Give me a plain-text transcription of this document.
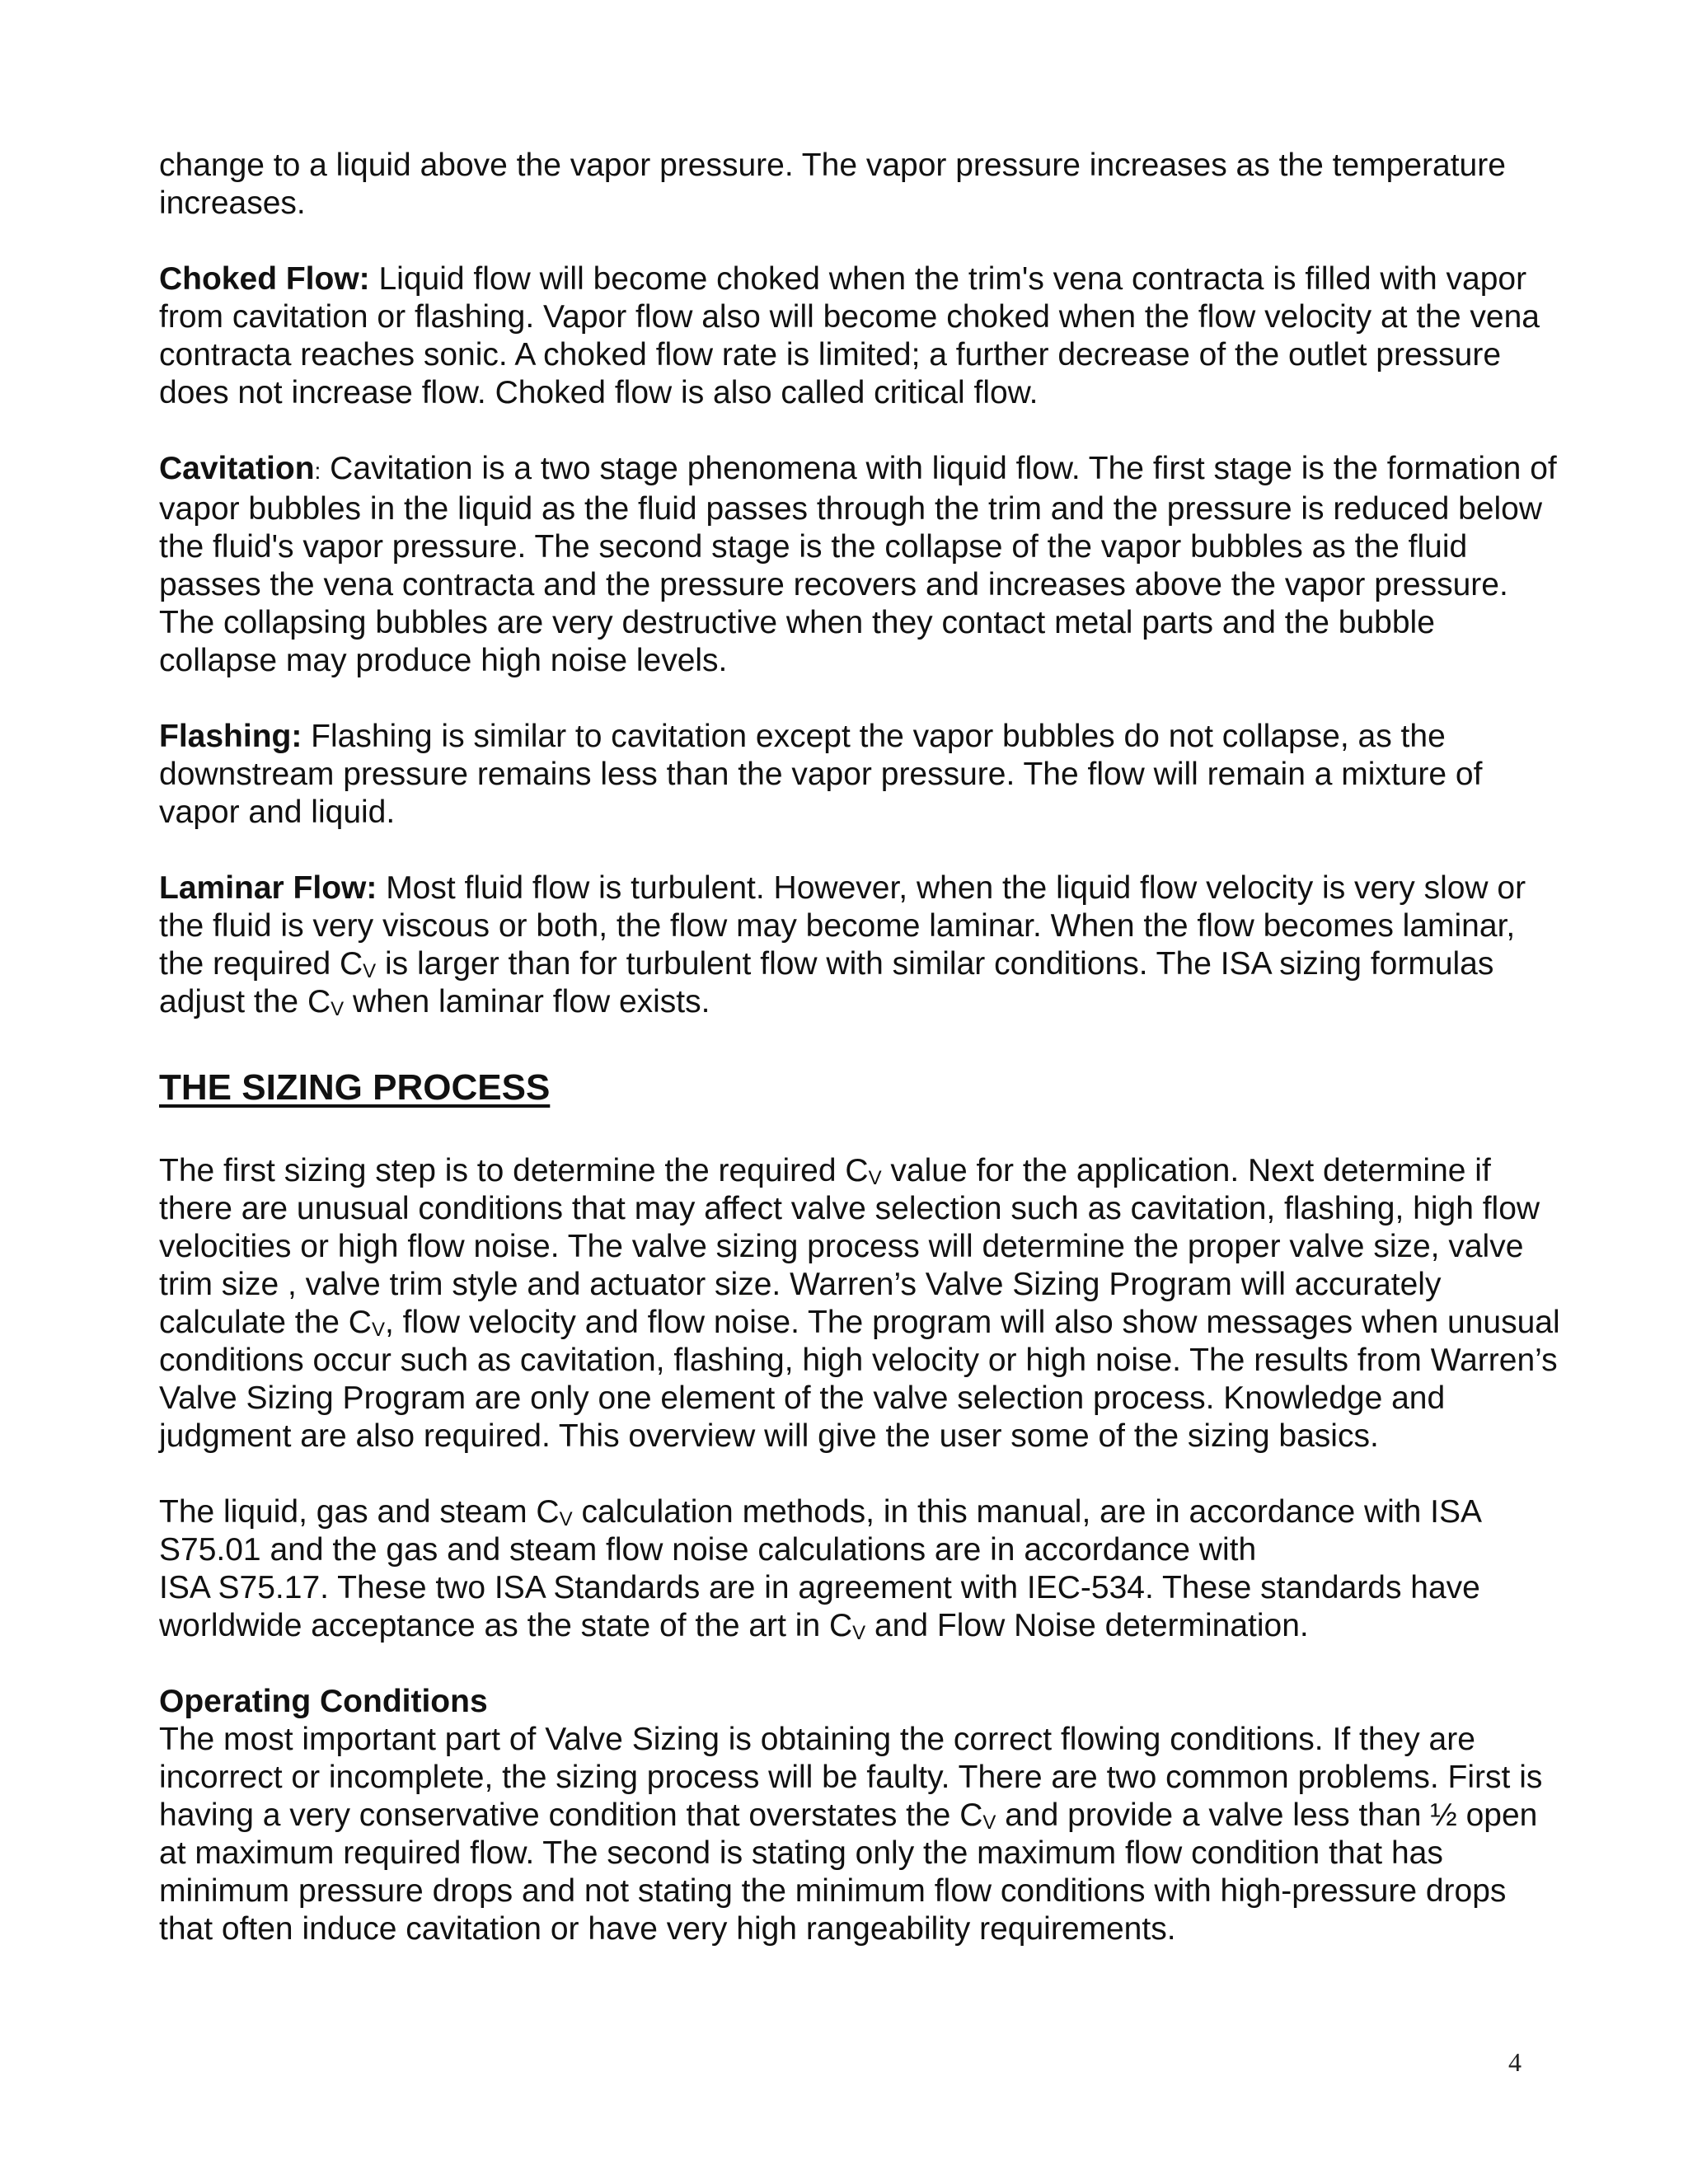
change to a liquid above the vapor pressure. The vapor pressure increases as the temperature increases.

Choked Flow: Liquid flow will become choked when the trim's vena contracta is filled with vapor from cavitation or flashing. Vapor flow also will become choked when the flow velocity at the vena contracta reaches sonic. A choked flow rate is limited; a further decrease of the outlet pressure does not increase flow. Choked flow is also called critical flow.

Cavitation: Cavitation is a two stage phenomena with liquid flow. The first stage is the formation of vapor bubbles in the liquid as the fluid passes through the trim and the pressure is reduced below the fluid's vapor pressure. The second stage is the collapse of the vapor bubbles as the fluid passes the vena contracta and the pressure recovers and increases above the vapor pressure. The collapsing bubbles are very destructive when they contact metal parts and the bubble collapse may produce high noise levels.

Flashing: Flashing is similar to cavitation except the vapor bubbles do not collapse, as the downstream pressure remains less than the vapor pressure. The flow will remain a mixture of vapor and liquid.

Laminar Flow: Most fluid flow is turbulent. However, when the liquid flow velocity is very slow or the fluid is very viscous or both, the flow may become laminar. When the flow becomes laminar, the required $C_V$ is larger than for turbulent flow with similar conditions. The ISA sizing formulas adjust the $C_V$ when laminar flow exists.

THE SIZING PROCESS

The first sizing step is to determine the required $C_V$ value for the application. Next determine if there are unusual conditions that may affect valve selection such as cavitation, flashing, high flow velocities or high flow noise. The valve sizing process will determine the proper valve size, valve trim size , valve trim style and actuator size. Warren’s Valve Sizing Program will accurately calculate the $C_V$, flow velocity and flow noise. The program will also show messages when unusual conditions occur such as cavitation, flashing, high velocity or high noise. The results from Warren’s Valve Sizing Program are only one element of the valve selection process. Knowledge and judgment are also required. This overview will give the user some of the sizing basics.

The liquid, gas and steam $C_V$ calculation methods, in this manual, are in accordance with ISA S75.01 and the gas and steam flow noise calculations are in accordance with
ISA S75.17. These two ISA Standards are in agreement with IEC-534. These standards have worldwide acceptance as the state of the art in $C_V$ and Flow Noise determination.

Operating Conditions
The most important part of Valve Sizing is obtaining the correct flowing conditions. If they are incorrect or incomplete, the sizing process will be faulty. There are two common problems. First is having a very conservative condition that overstates the $C_V$ and provide a valve less than ½ open at maximum required flow. The second is stating only the maximum flow condition that has minimum pressure drops and not stating the minimum flow conditions with high-pressure drops that often induce cavitation or have very high rangeability requirements.

4
